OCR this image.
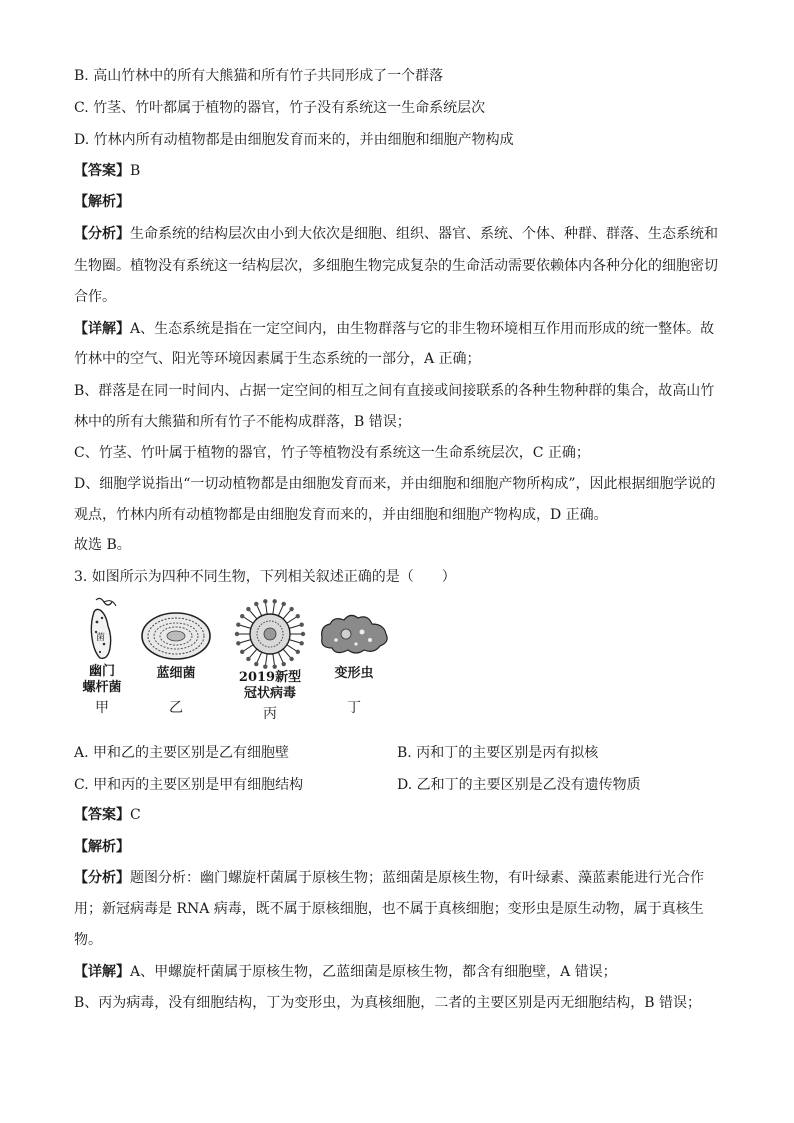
B. 高山竹林中的所有大熊猫和所有竹子共同形成了一个群落
C. 竹茎、竹叶都属于植物的器官，竹子没有系统这一生命系统层次
D. 竹林内所有动植物都是由细胞发育而来的，并由细胞和细胞产物构成
【答案】B
【解析】
【分析】生命系统的结构层次由小到大依次是细胞、组织、器官、系统、个体、种群、群落、生态系统和
生物圈。植物没有系统这一结构层次，多细胞生物完成复杂的生命活动需要依赖体内各种分化的细胞密切
合作。
【详解】A、生态系统是指在一定空间内，由生物群落与它的非生物环境相互作用而形成的统一整体。故
竹林中的空气、阳光等环境因素属于生态系统的一部分，A 正确；
B、群落是在同一时间内、占据一定空间的相互之间有直接或间接联系的各种生物种群的集合，故高山竹
林中的所有大熊猫和所有竹子不能构成群落，B 错误；
C、竹茎、竹叶属于植物的器官，竹子等植物没有系统这一生命系统层次，C 正确；
D、细胞学说指出“一切动植物都是由细胞发育而来，并由细胞和细胞产物所构成”，因此根据细胞学说的
观点，竹林内所有动植物都是由细胞发育而来的，并由细胞和细胞产物构成，D 正确。
故选 B。
3. 如图所示为四种不同生物，下列相关叙述正确的是（　　）
菌
幽门
螺杆菌
甲
蓝细菌
乙
2019新型
冠状病毒
丙
变形虫
丁
A. 甲和乙的主要区别是乙有细胞壁	B. 丙和丁的主要区别是丙有拟核
C. 甲和丙的主要区别是甲有细胞结构	D. 乙和丁的主要区别是乙没有遗传物质
【答案】C
【解析】
【分析】题图分析：幽门螺旋杆菌属于原核生物；蓝细菌是原核生物，有叶绿素、藻蓝素能进行光合作
用；新冠病毒是 RNA 病毒，既不属于原核细胞，也不属于真核细胞；变形虫是原生动物，属于真核生
物。
【详解】A、甲螺旋杆菌属于原核生物，乙蓝细菌是原核生物，都含有细胞壁，A 错误；
B、丙为病毒，没有细胞结构，丁为变形虫，为真核细胞，二者的主要区别是丙无细胞结构，B 错误；
